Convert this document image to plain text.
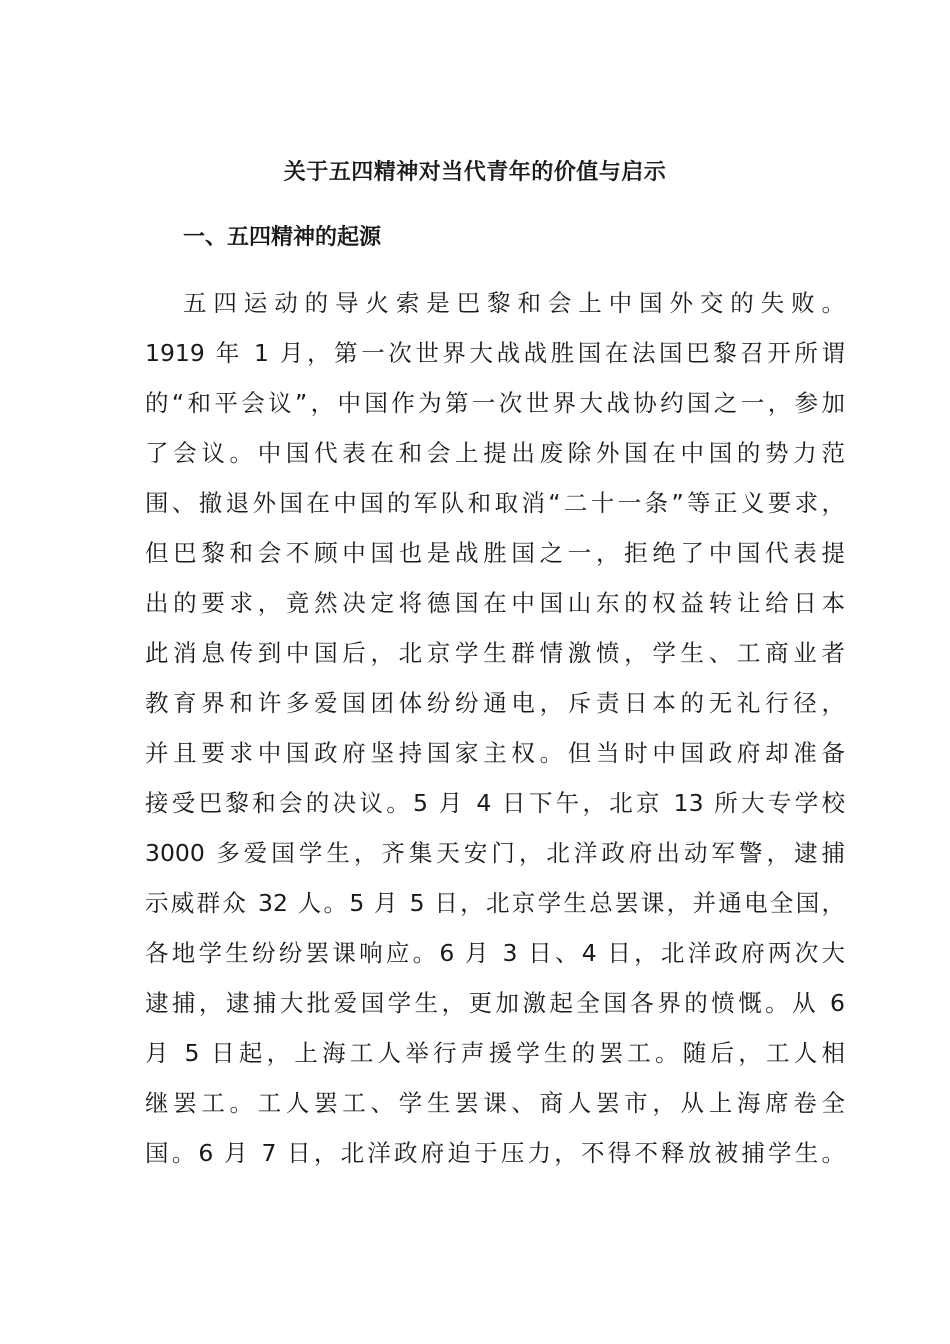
关于五四精神对当代青年的价值与启示
一、五四精神的起源
五四运动的导火索是巴黎和会上中国外交的失败。
1919 年 1 月，第一次世界大战战胜国在法国巴黎召开所谓
的“和平会议”，中国作为第一次世界大战协约国之一，参加
了会议。中国代表在和会上提出废除外国在中国的势力范
围、撤退外国在中国的军队和取消“二十一条”等正义要求，
但巴黎和会不顾中国也是战胜国之一，拒绝了中国代表提
出的要求，竟然决定将德国在中国山东的权益转让给日本
此消息传到中国后，北京学生群情激愤，学生、工商业者
教育界和许多爱国团体纷纷通电，斥责日本的无礼行径，
并且要求中国政府坚持国家主权。但当时中国政府却准备
接受巴黎和会的决议。5 月 4 日下午，北京 13 所大专学校
3000 多爱国学生，齐集天安门，北洋政府出动军警，逮捕
示威群众 32 人。5 月 5 日，北京学生总罢课，并通电全国，
各地学生纷纷罢课响应。6 月 3 日、4 日，北洋政府两次大
逮捕，逮捕大批爱国学生，更加激起全国各界的愤慨。从 6
月 5 日起，上海工人举行声援学生的罢工。随后，工人相
继罢工。工人罢工、学生罢课、商人罢市，从上海席卷全
国。6 月 7 日，北洋政府迫于压力，不得不释放被捕学生。
